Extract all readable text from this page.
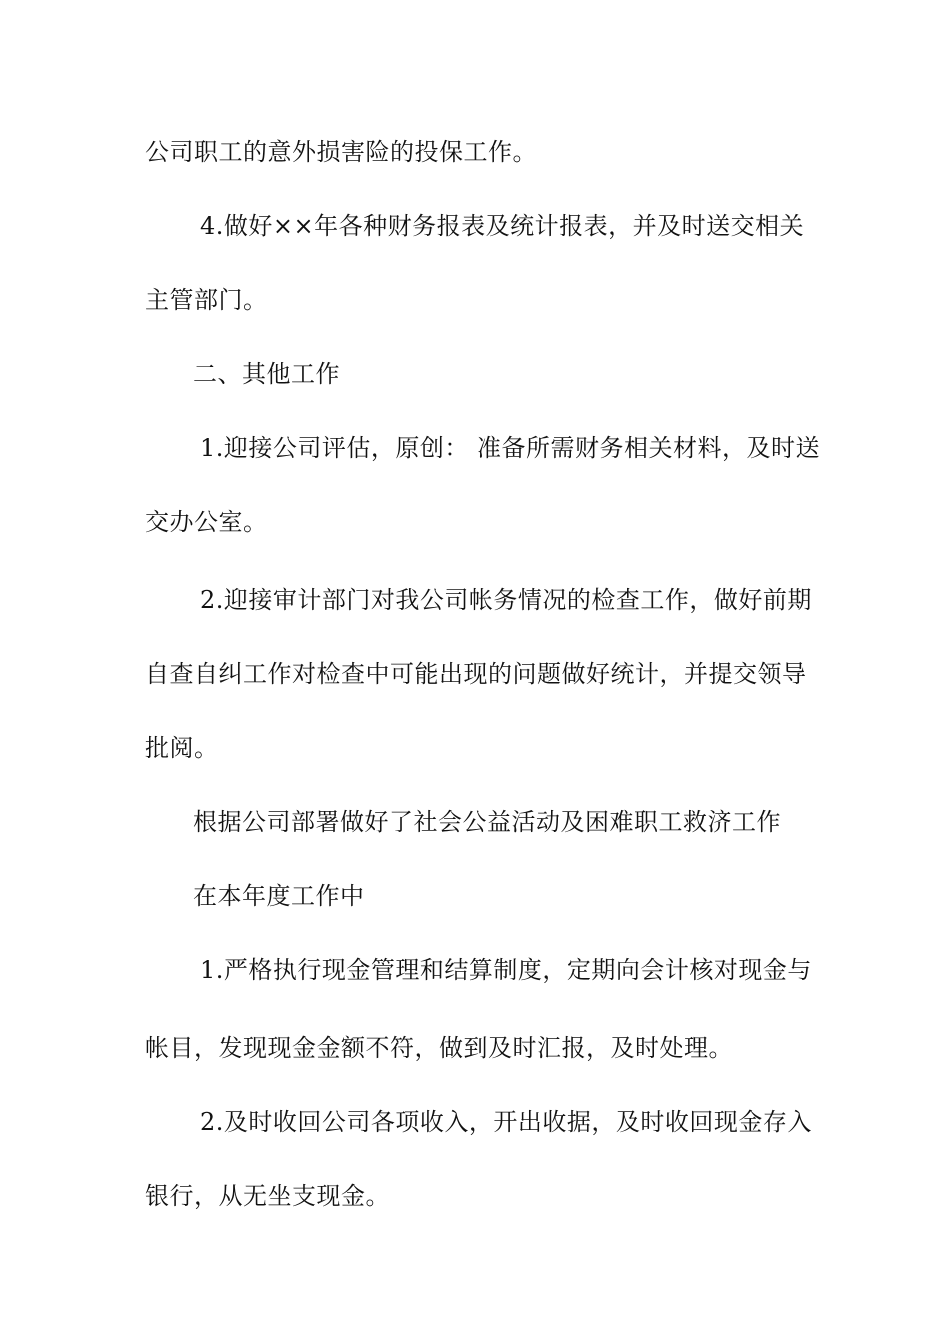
公司职工的意外损害险的投保工作。
4.做好××年各种财务报表及统计报表，并及时送交相关
主管部门。
二、其他工作
1.迎接公司评估，原创： 准备所需财务相关材料，及时送
交办公室。
2.迎接审计部门对我公司帐务情况的检查工作，做好前期
自查自纠工作对检查中可能出现的问题做好统计，并提交领导
批阅。
根据公司部署做好了社会公益活动及困难职工救济工作
在本年度工作中
1.严格执行现金管理和结算制度，定期向会计核对现金与
帐目，发现现金金额不符，做到及时汇报，及时处理。
2.及时收回公司各项收入，开出收据，及时收回现金存入
银行，从无坐支现金。
